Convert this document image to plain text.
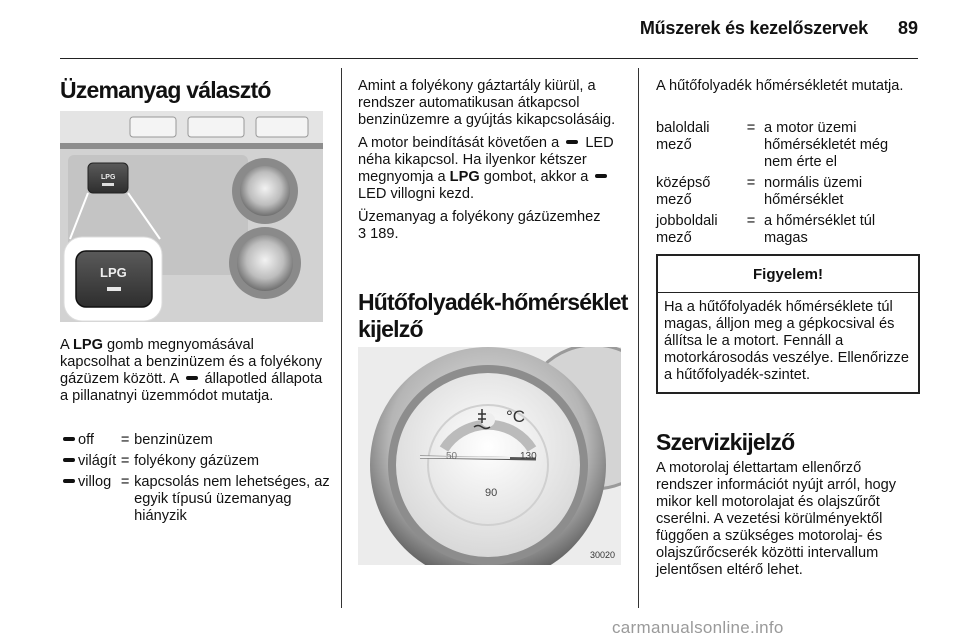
Műszerek és kezelőszervek 89
Üzemanyag választó
LPG
LPG
A LPG gomb megnyomásával kapcsolhat a benzinüzem és a folyékony gázüzem között. A  állapotled állapota a pillanatnyi üzemmódot mutatja.
off	= benzinüzem
világít = folyékony gázüzem
villog = kapcsolás nem lehetséges, az egyik típusú üzemanyag hiányzik

Amint a folyékony gáztartály kiürül, a rendszer automatikusan átkapcsol benzinüzemre a gyújtás kikapcsolásáig.

A motor beindítását követően a  LED néha kikapcsol. Ha ilyenkor kétszer megnyomja a LPG gombot, akkor a  LED villogni kezd.

Üzemanyag a folyékony gázüzemhez
3 189.

Hűtőfolyadék-hőmérséklet kijelző
°C
50
90
130
30020
A hűtőfolyadék hőmérsékletét mutatja.
baloldali mező
= a motor üzemi hőmérsékletét még nem érte el
középső mező
= normális üzemi hőmérséklet
jobboldali mező
= a hőmérséklet túl magas
Figyelem!
Ha a hűtőfolyadék hőmérséklete túl magas, álljon meg a gépkocsival és állítsa le a motort. Fennáll a motorkárosodás veszélye. Ellenőrizze a hűtőfolyadék-szintet.
Szervizkijelző
A motorolaj élettartam ellenőrző rendszer információt nyújt arról, hogy mikor kell motorolajat és olajszűrőt cserélni. A vezetési körülményektől függően a szükséges motorolaj- és olajszűrőcserék közötti intervallum jelentősen eltérő lehet.
carmanualsonline.info
